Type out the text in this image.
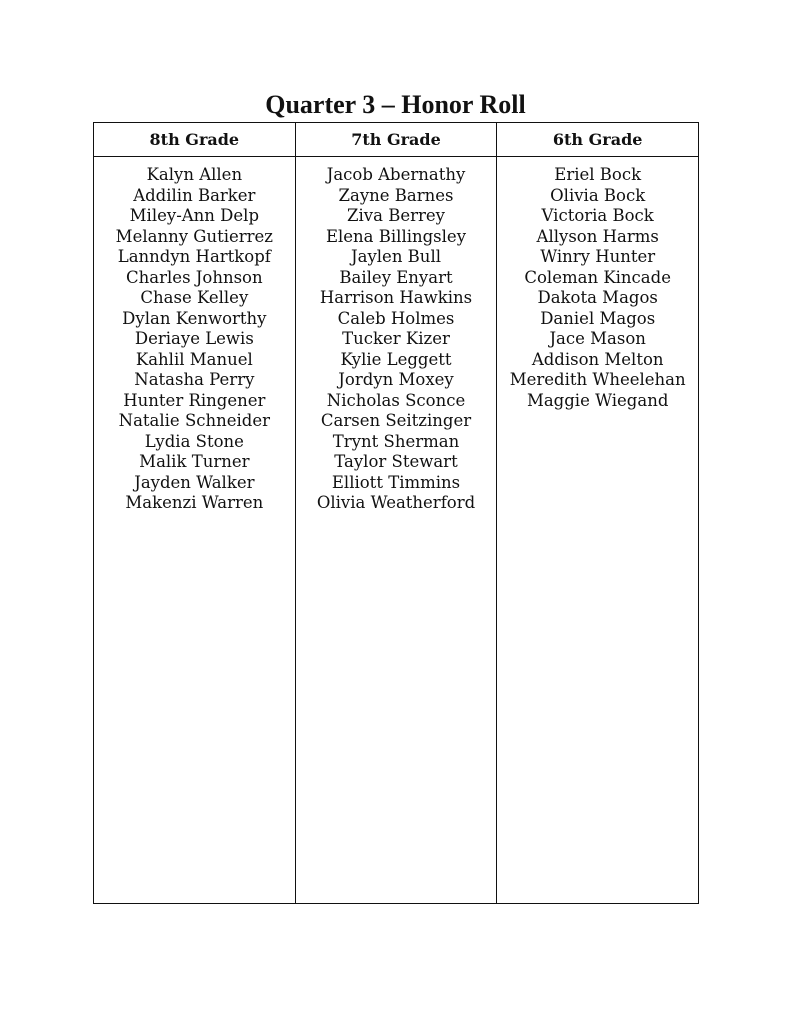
Quarter 3 – Honor Roll
8th Grade
Kalyn Allen
Addilin Barker
Miley-Ann Delp
Melanny Gutierrez
Lanndyn Hartkopf
Charles Johnson
Chase Kelley
Dylan Kenworthy
Deriaye Lewis
Kahlil Manuel
Natasha Perry
Hunter Ringener
Natalie Schneider
Lydia Stone
Malik Turner
Jayden Walker
Makenzi Warren
7th Grade
Jacob Abernathy
Zayne Barnes
Ziva Berrey
Elena Billingsley
Jaylen Bull
Bailey Enyart
Harrison Hawkins
Caleb Holmes
Tucker Kizer
Kylie Leggett
Jordyn Moxey
Nicholas Sconce
Carsen Seitzinger
Trynt Sherman
Taylor Stewart
Elliott Timmins
Olivia Weatherford
6th Grade
Eriel Bock
Olivia Bock
Victoria Bock
Allyson Harms
Winry Hunter
Coleman Kincade
Dakota Magos
Daniel Magos
Jace Mason
Addison Melton
Meredith Wheelehan
Maggie Wiegand
